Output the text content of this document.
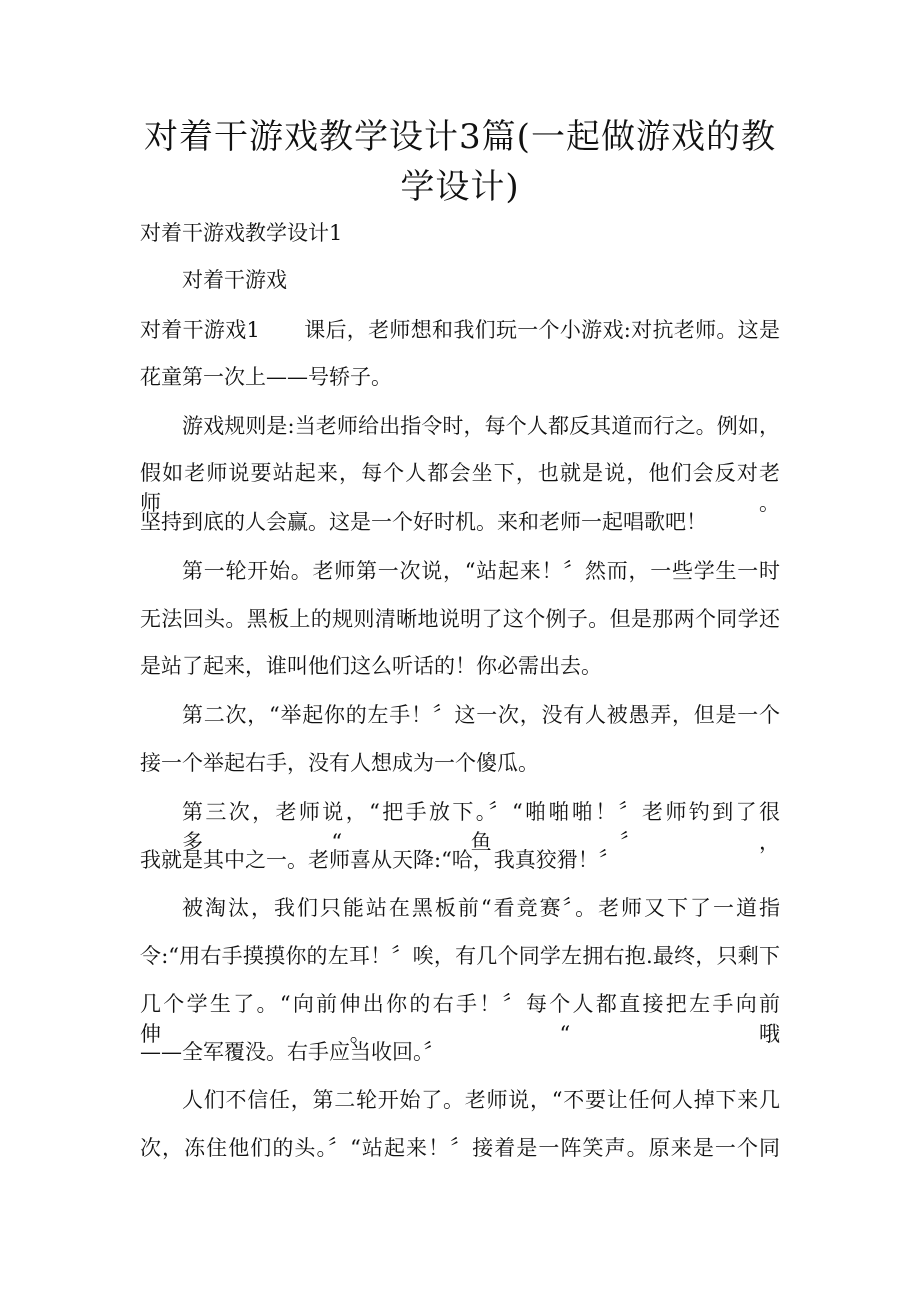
对着干游戏教学设计3篇(一起做游戏的教
学设计)

对着干游戏教学设计1

对着干游戏

对着干游戏1 课后，老师想和我们玩一个小游戏:对抗老师。这是

花童第一次上——号轿子。

游戏规则是:当老师给出指令时，每个人都反其道而行之。例如，

假如老师说要站起来，每个人都会坐下，也就是说，他们会反对老师。

坚持到底的人会赢。这是一个好时机。来和老师一起唱歌吧！

第一轮开始。老师第一次说，“站起来！〞然而，一些学生一时

无法回头。黑板上的规则清晰地说明了这个例子。但是那两个同学还

是站了起来，谁叫他们这么听话的！你必需出去。

第二次，“举起你的左手！〞这一次，没有人被愚弄，但是一个

接一个举起右手，没有人想成为一个傻瓜。

第三次，老师说，“把手放下。〞“啪啪啪！〞老师钓到了很多“鱼〞，

我就是其中之一。老师喜从天降:“哈，我真狡猾！〞

被淘汰，我们只能站在黑板前“看竞赛〞。老师又下了一道指

令:“用右手摸摸你的左耳！〞唉，有几个同学左拥右抱.最终，只剩下

几个学生了。“向前伸出你的右手！〞每个人都直接把左手向前伸。“哦

——全军覆没。右手应当收回。〞

人们不信任，第二轮开始了。老师说，“不要让任何人掉下来几

次，冻住他们的头。〞“站起来！〞接着是一阵笑声。原来是一个同
